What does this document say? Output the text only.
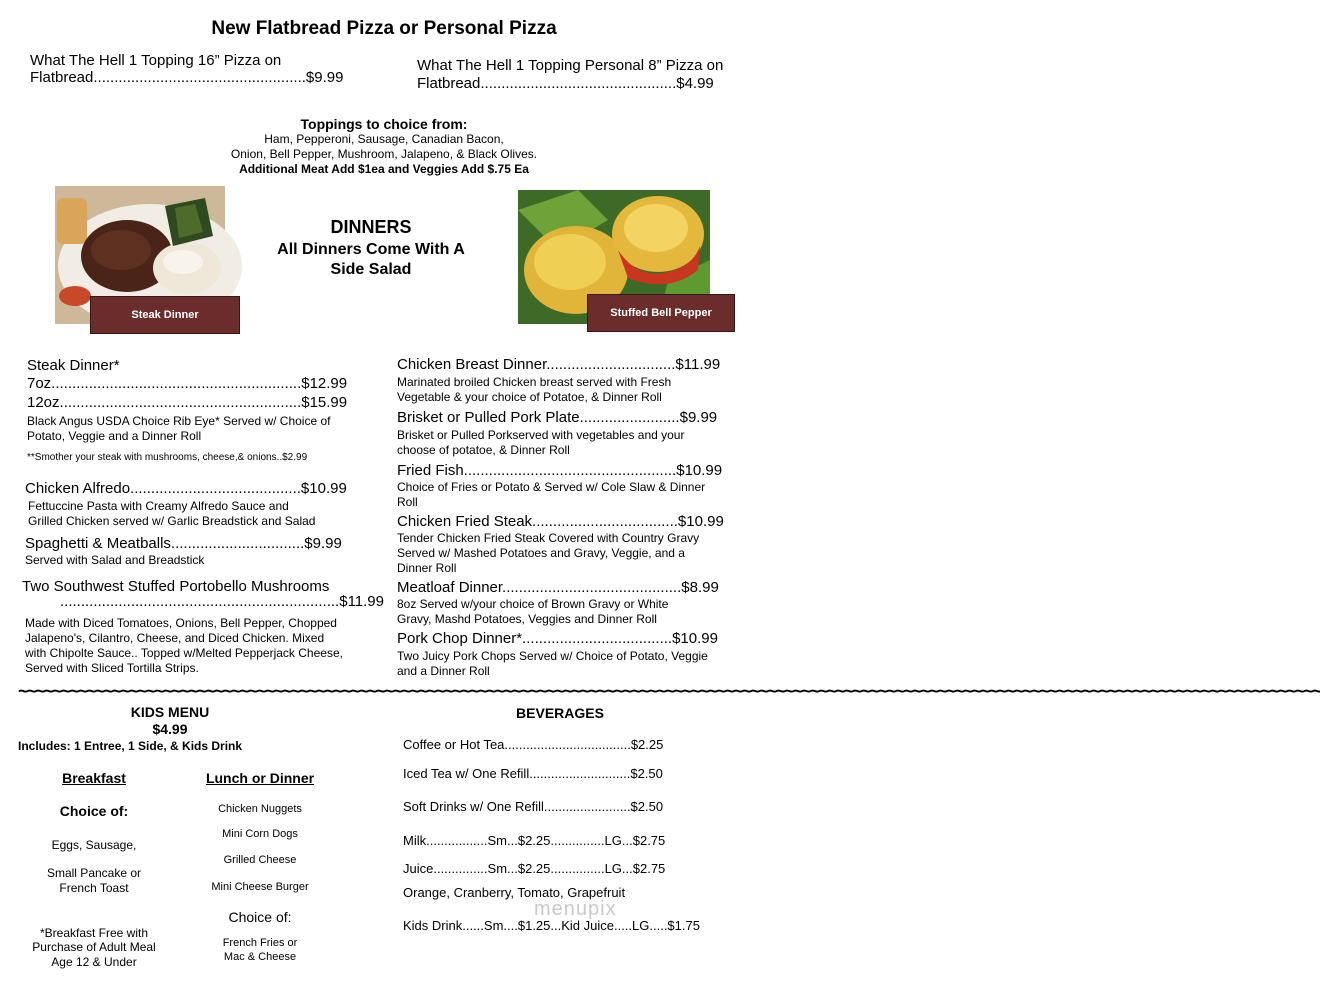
New Flatbread Pizza or Personal Pizza
What The Hell 1 Topping 16” Pizza on
Flatbread...................................................$9.99
What The Hell 1 Topping Personal 8” Pizza on
Flatbread...............................................$4.99
Toppings to choice from:
Ham, Pepperoni, Sausage, Canadian Bacon,
Onion, Bell Pepper, Mushroom, Jalapeno, & Black Olives.
Additional Meat Add $1ea and Veggies Add $.75 Ea
Steak Dinner
DINNERS
All Dinners Come With A
Side Salad
Stuffed Bell Pepper
Steak Dinner*
7oz............................................................$12.99
12oz..........................................................$15.99
Black Angus USDA Choice Rib Eye* Served w/ Choice of
Potato, Veggie and a Dinner Roll
**Smother your steak with mushrooms, cheese,& onions..$2.99
Chicken Alfredo.........................................$10.99
Fettuccine Pasta with Creamy Alfredo Sauce and
Grilled Chicken served w/ Garlic Breadstick and Salad
Spaghetti & Meatballs................................$9.99
Served with Salad and Breadstick
Two Southwest Stuffed Portobello Mushrooms
...................................................................$11.99
Made with Diced Tomatoes, Onions, Bell Pepper, Chopped
Jalapeno's, Cilantro, Cheese, and Diced Chicken. Mixed
with Chipolte Sauce.. Topped w/Melted Pepperjack Cheese,
Served with Sliced Tortilla Strips.
Chicken Breast Dinner...............................$11.99
Marinated broiled Chicken breast served with Fresh
Vegetable & your choice of Potatoe, & Dinner Roll
Brisket or Pulled Pork Plate........................$9.99
Brisket or Pulled Porkserved with vegetables and your
choose of potatoe, & Dinner Roll
Fried Fish...................................................$10.99
Choice of Fries or Potato & Served w/ Cole Slaw & Dinner
Roll
Chicken Fried Steak...................................$10.99
Tender Chicken Fried Steak Covered with Country Gravy
Served w/ Mashed Potatoes and Gravy, Veggie, and a
Dinner Roll
Meatloaf Dinner...........................................$8.99
8oz Served w/your choice of Brown Gravy or White
Gravy, Mashd Potatoes, Veggies and Dinner Roll
Pork Chop Dinner*....................................$10.99
Two Juicy Pork Chops Served w/ Choice of Potato, Veggie
and a Dinner Roll
~~~~~~~~~~~~~~~~~~~~~~~~~~~~~~~~~~~~~~~~~~~~~~~~~~~~~~~~~~~~~~~~~~~~~~~~~~~~~~~~~~~~~~~~~~~~~~~~~~~~~~~~~~~~~~~~~~~~~~~~~~~~~~~~~~~~~~~~~~~~~~~~~~~~~~~~~
KIDS MENU
$4.99
Includes: 1 Entree, 1 Side, & Kids Drink
Breakfast
Choice of:
Eggs, Sausage,
Small Pancake or
French Toast
*Breakfast Free with
Purchase of Adult Meal
Age 12 & Under
Lunch or Dinner
Chicken Nuggets
Mini Corn Dogs
Grilled Cheese
Mini Cheese Burger
Choice of:
French Fries or
Mac & Cheese
BEVERAGES
Coffee or Hot Tea...................................$2.25
Iced Tea w/ One Refill............................$2.50
Soft Drinks w/ One Refill........................$2.50
Milk.................Sm...$2.25...............LG...$2.75
Juice...............Sm...$2.25...............LG...$2.75
Orange, Cranberry, Tomato, Grapefruit
Kids Drink......Sm....$1.25...Kid Juice.....LG.....$1.75
menupix
